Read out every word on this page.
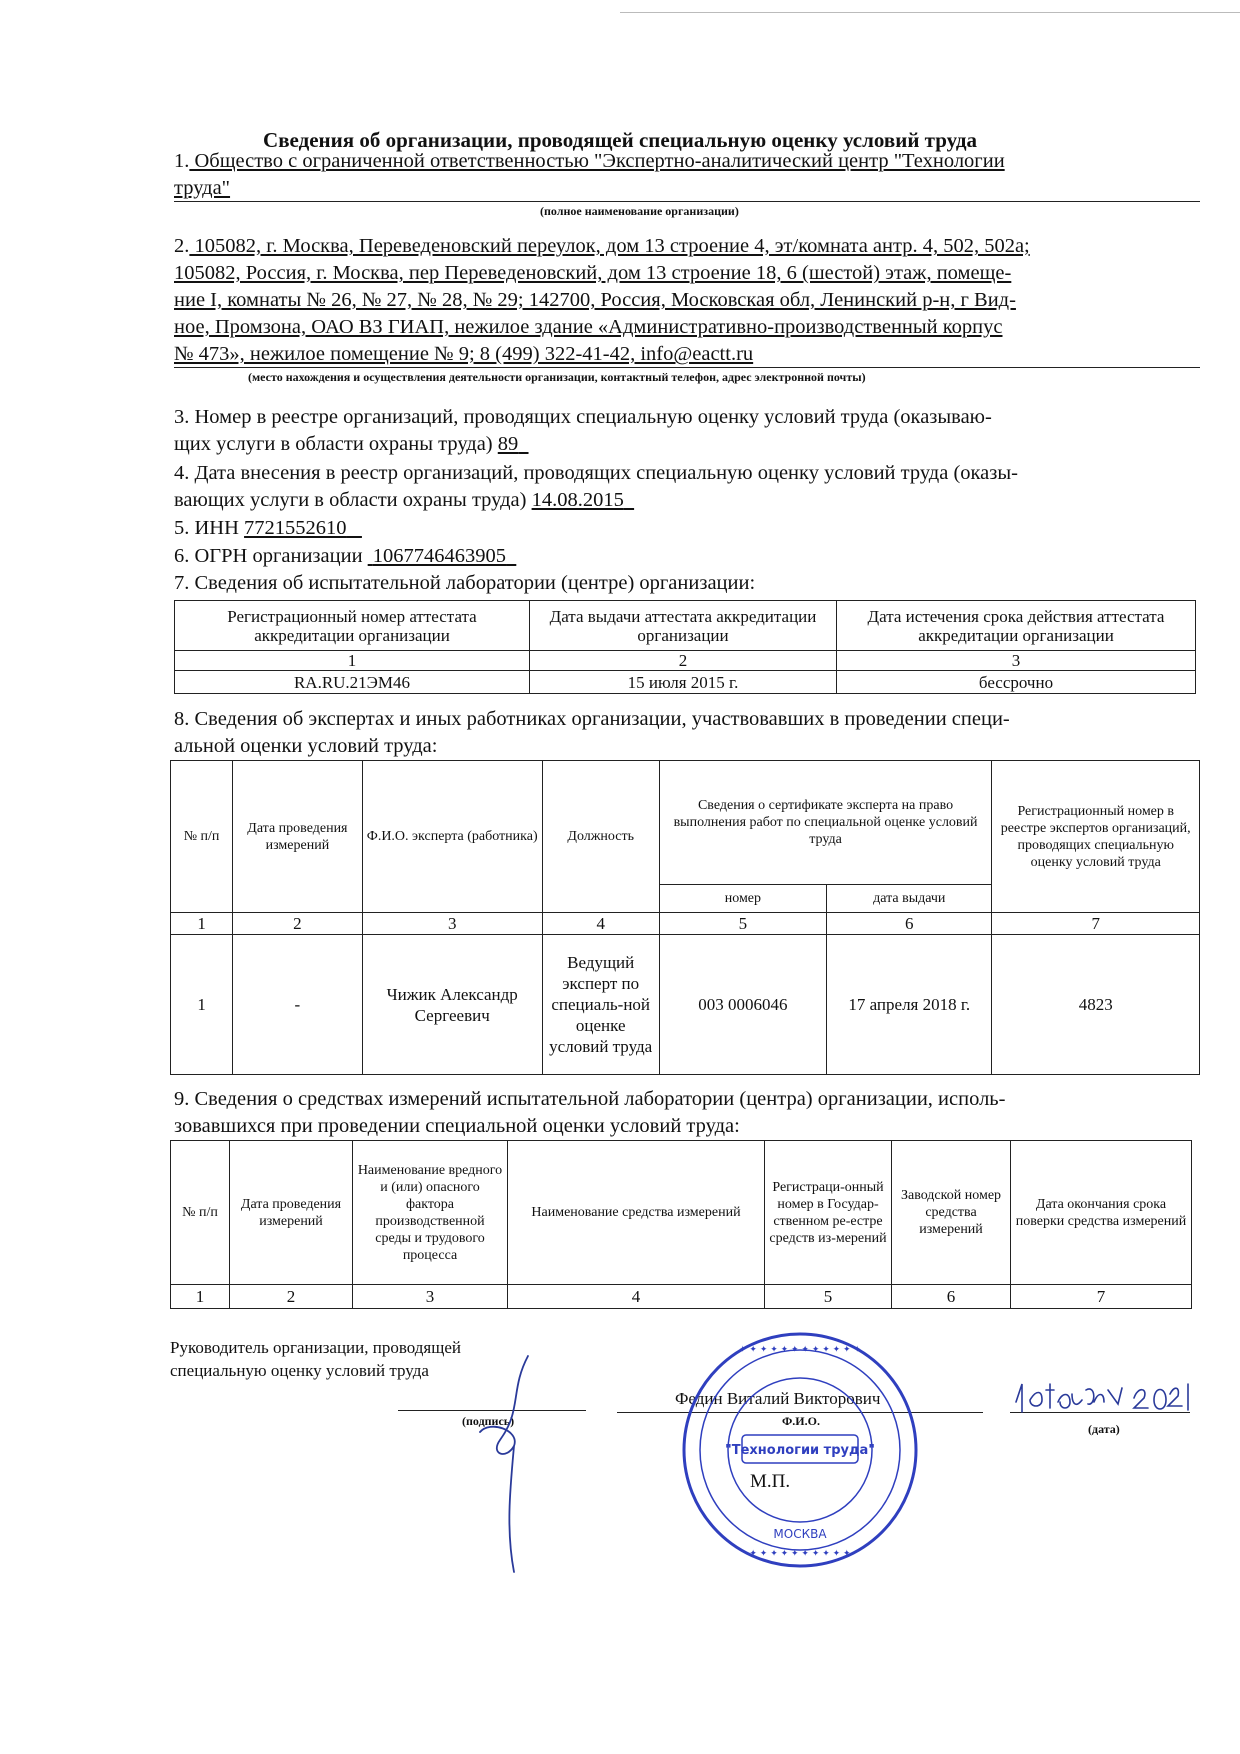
Сведения об организации, проводящей специальную оценку условий труда
1. Общество с ограниченной ответственностью "Экспертно-аналитический центр "Технологии
труда"
(полное наименование организации)
2. 105082, г. Москва, Переведеновский переулок, дом 13 строение 4, эт/комната антр. 4, 502, 502а;
105082, Россия, г. Москва, пер Переведеновский, дом 13 строение 18, 6 (шестой) этаж, помеще-
ние I, комнаты № 26, № 27, № 28, № 29; 142700, Россия, Московская обл, Ленинский р-н, г Вид-
ное, Промзона, ОАО ВЗ ГИАП, нежилое здание «Административно-производственный корпус
№ 473», нежилое помещение № 9; 8 (499) 322-41-42, info@eactt.ru
(место нахождения и осуществления деятельности организации, контактный телефон, адрес электронной почты)
3. Номер в реестре организаций, проводящих специальную оценку условий труда (оказываю-
щих услуги в области охраны труда) 89
4. Дата внесения в реестр организаций, проводящих специальную оценку условий труда (оказы-
вающих услуги в области охраны труда) 14.08.2015
5. ИНН 7721552610
6. ОГРН организации  1067746463905
7. Сведения об испытательной лаборатории (центре) организации:
Регистрационный номер аттестата аккредитации организации	Дата выдачи аттестата аккредитации организации	Дата истечения срока действия аттестата аккредитации организации
1	2	3
RA.RU.21ЭМ46	15 июля 2015 г.	бессрочно
8. Сведения об экспертах и иных работниках организации, участвовавших в проведении специ-
альной оценки условий труда:
№ п/п	Дата проведения измерений	Ф.И.О. эксперта (работника)	Должность	Сведения о сертификате эксперта на право выполнения работ по специальной оценке условий труда		Регистрационный номер в реестре экспертов организаций, проводящих специальную оценку условий труда
				номер	дата выдачи	
1	2	3	4	5	6	7
1	-	Чижик Александр Сергеевич	Ведущий эксперт по специаль-ной оценке условий труда	003 0006046	17 апреля 2018 г.	4823
9. Сведения о средствах измерений испытательной лаборатории (центра) организации, исполь-
зовавшихся при проведении специальной оценки условий труда:
№ п/п	Дата проведения измерений	Наименование вредного и (или) опасного фактора производственной среды и трудового процесса	Наименование средства измерений	Регистраци-онный номер в Государ-ственном ре-естре средств из-мерений	Заводской номер средства измерений	Дата окончания срока поверки средства измерений
1	2	3	4	5	6	7
Руководитель организации, проводящей
специальную оценку условий труда
(подпись)
Федин Виталий Викторович
Ф.И.О.
(дата)
✦ ✦ ✦ ✦ ✦ ✦ ✦ ✦ ✦ ✦ ✦ ✦
✦ ✦ ✦ ✦ ✦ ✦ ✦ ✦ ✦ ✦
"Технологии труда"
МОСКВА
М.П.
